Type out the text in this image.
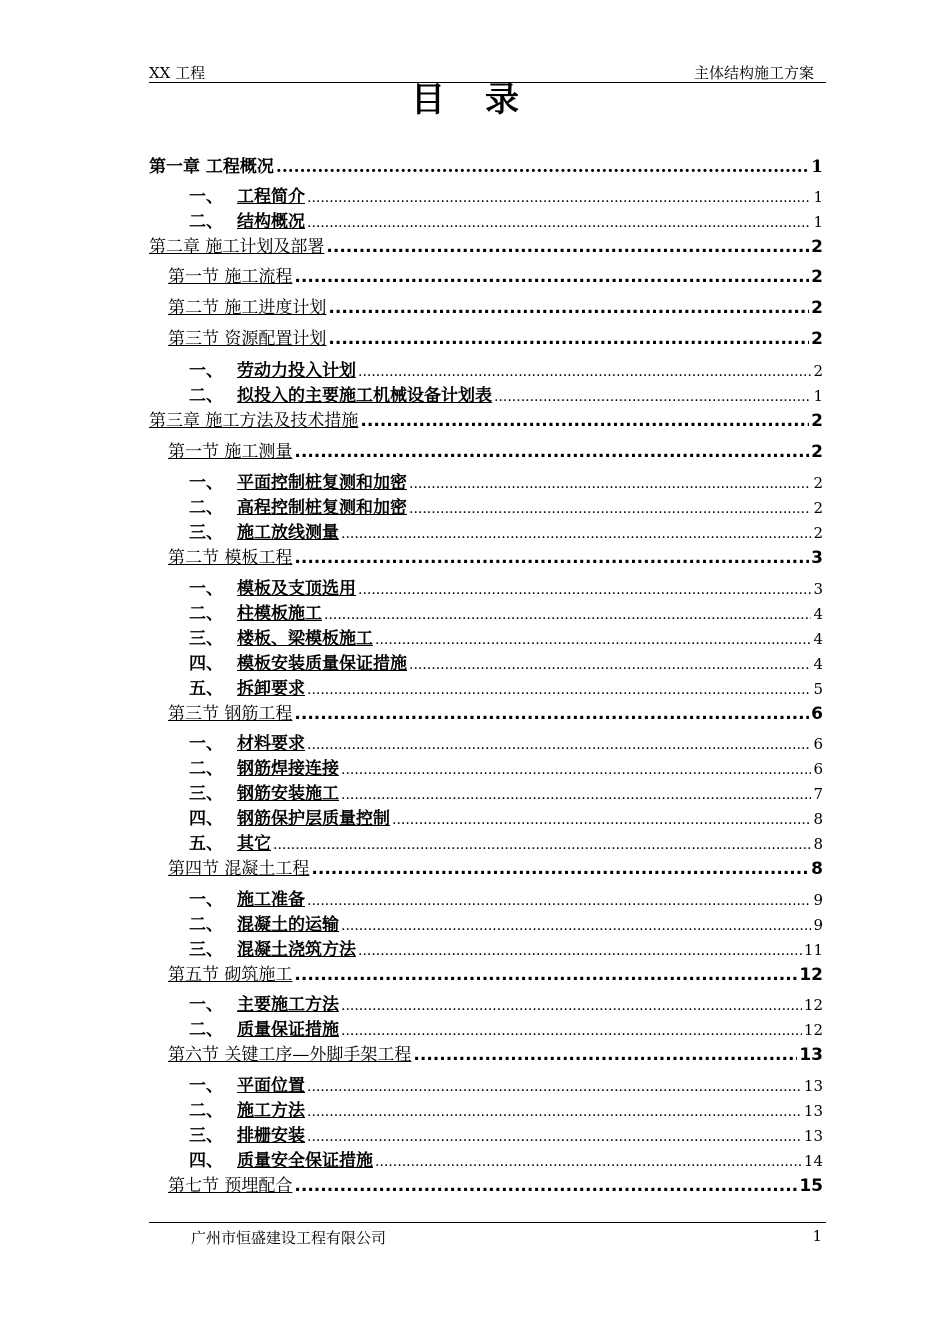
XX 工程	主体结构施工方案
目录
第一章 工程概况 .....	1
一、 工程简介 .....	1
二、 结构概况 .....	1
第二章 施工计划及部署 .....	2
第一节 施工流程 .....	2
第二节 施工进度计划 .....	2
第三节 资源配置计划 .....	2
一、 劳动力投入计划 .....	2
二、 拟投入的主要施工机械设备计划表 .....	1
第三章 施工方法及技术措施 .....	2
第一节 施工测量 .....	2
一、 平面控制桩复测和加密 .....	2
二、 高程控制桩复测和加密 .....	2
三、 施工放线测量 .....	2
第二节 模板工程 .....	3
一、 模板及支顶选用 .....	3
二、 柱模板施工 .....	4
三、 楼板、梁模板施工 .....	4
四、 模板安装质量保证措施 .....	4
五、 拆卸要求 .....	5
第三节 钢筋工程 .....	6
一、 材料要求 .....	6
二、 钢筋焊接连接 .....	6
三、 钢筋安装施工 .....	7
四、 钢筋保护层质量控制 .....	8
五、 其它 .....	8
第四节 混凝土工程 .....	8
一、 施工准备 .....	9
二、 混凝土的运输 .....	9
三、 混凝土浇筑方法 .....	11
第五节 砌筑施工 .....	12
一、 主要施工方法 .....	12
二、 质量保证措施 .....	12
第六节 关键工序—外脚手架工程 .....	13
一、 平面位置 .....	13
二、 施工方法 .....	13
三、 排栅安装 .....	13
四、 质量安全保证措施 .....	14
第七节 预埋配合 .....	15
广州市恒盛建设工程有限公司	1
